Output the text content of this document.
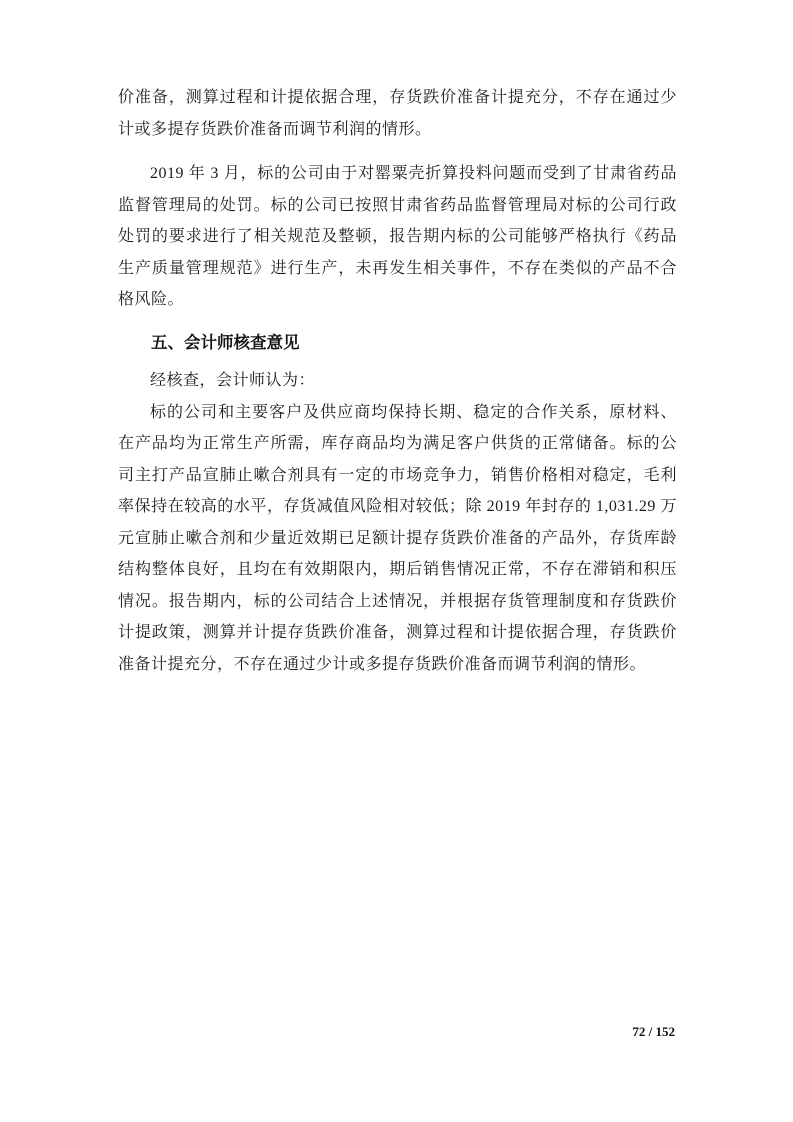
价准备，测算过程和计提依据合理，存货跌价准备计提充分，不存在通过少计或多提存货跌价准备而调节利润的情形。

2019 年 3 月，标的公司由于对罂粟壳折算投料问题而受到了甘肃省药品监督管理局的处罚。标的公司已按照甘肃省药品监督管理局对标的公司行政处罚的要求进行了相关规范及整顿，报告期内标的公司能够严格执行《药品生产质量管理规范》进行生产，未再发生相关事件，不存在类似的产品不合格风险。

五、会计师核查意见

经核查，会计师认为：

标的公司和主要客户及供应商均保持长期、稳定的合作关系，原材料、在产品均为正常生产所需，库存商品均为满足客户供货的正常储备。标的公司主打产品宣肺止嗽合剂具有一定的市场竞争力，销售价格相对稳定，毛利率保持在较高的水平，存货减值风险相对较低；除 2019 年封存的 1,031.29 万元宣肺止嗽合剂和少量近效期已足额计提存货跌价准备的产品外，存货库龄结构整体良好，且均在有效期限内，期后销售情况正常，不存在滞销和积压情况。报告期内，标的公司结合上述情况，并根据存货管理制度和存货跌价计提政策，测算并计提存货跌价准备，测算过程和计提依据合理，存货跌价准备计提充分，不存在通过少计或多提存货跌价准备而调节利润的情形。

72 / 152
